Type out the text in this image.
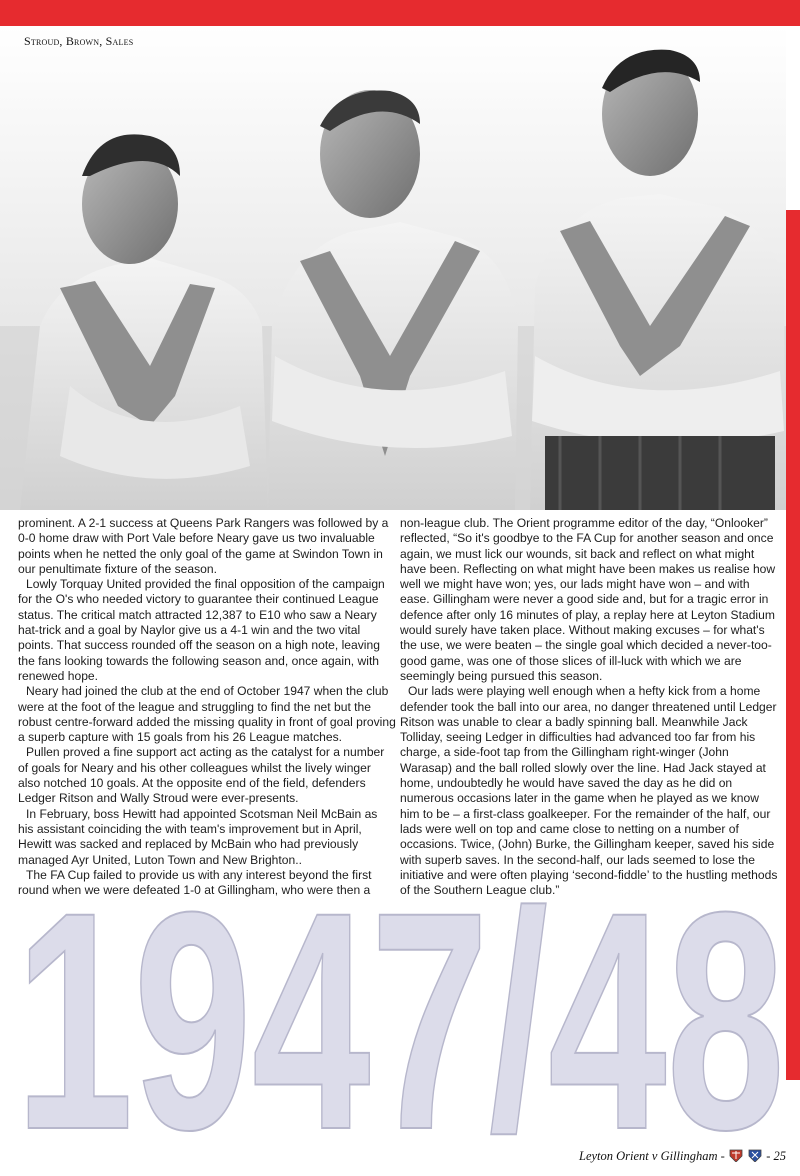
Stroud, Brown, Sales

prominent. A 2-1 success at Queens Park Rangers was followed by a 0-0 home draw with Port Vale before Neary gave us two invaluable points when he netted the only goal of the game at Swindon Town in our penultimate fixture of the season.

Lowly Torquay United provided the final opposition of the campaign for the O's who needed victory to guarantee their continued League status. The critical match attracted 12,387 to E10 who saw a Neary hat-trick and a goal by Naylor give us a 4-1 win and the two vital points. That success rounded off the season on a high note, leaving the fans looking towards the following season and, once again, with renewed hope.

Neary had joined the club at the end of October 1947 when the club were at the foot of the league and struggling to find the net but the robust centre-forward added the missing quality in front of goal proving a superb capture with 15 goals from his 26 League matches.

Pullen proved a fine support act acting as the catalyst for a number of goals for Neary and his other colleagues whilst the lively winger also notched 10 goals. At the opposite end of the field, defenders Ledger Ritson and Wally Stroud were ever-presents.

In February, boss Hewitt had appointed Scotsman Neil McBain as his assistant coinciding the with team's improvement but in April, Hewitt was sacked and replaced by McBain who had previously managed Ayr United, Luton Town and New Brighton..

The FA Cup failed to provide us with any interest beyond the first round when we were defeated 1-0 at Gillingham, who were then a

non-league club. The Orient programme editor of the day, “Onlooker” reflected, “So it's goodbye to the FA Cup for another season and once again, we must lick our wounds, sit back and reflect on what might have been. Reflecting on what might have been makes us realise how well we might have won; yes, our lads might have won – and with ease. Gillingham were never a good side and, but for a tragic error in defence after only 16 minutes of play, a replay here at Leyton Stadium would surely have taken place. Without making excuses – for what's the use, we were beaten – the single goal which decided a never-too-good game, was one of those slices of ill-luck with which we are seemingly being pursued this season.

Our lads were playing well enough when a hefty kick from a home defender took the ball into our area, no danger threatened until Ledger Ritson was unable to clear a badly spinning ball. Meanwhile Jack Tolliday, seeing Ledger in difficulties had advanced too far from his charge, a side-foot tap from the Gillingham right-winger (John Warasap) and the ball rolled slowly over the line. Had Jack stayed at home, undoubtedly he would have saved the day as he did on numerous occasions later in the game when he played as we know him to be – a first-class goalkeeper. For the remainder of the half, our lads were well on top and came close to netting on a number of occasions. Twice, (John) Burke, the Gillingham keeper, saved his side with superb saves. In the second-half, our lads seemed to lose the initiative and were often playing ‘second-fiddle’ to the hustling methods of the Southern League club.”

1947/48
Leyton Orient v Gillingham -	- 25
